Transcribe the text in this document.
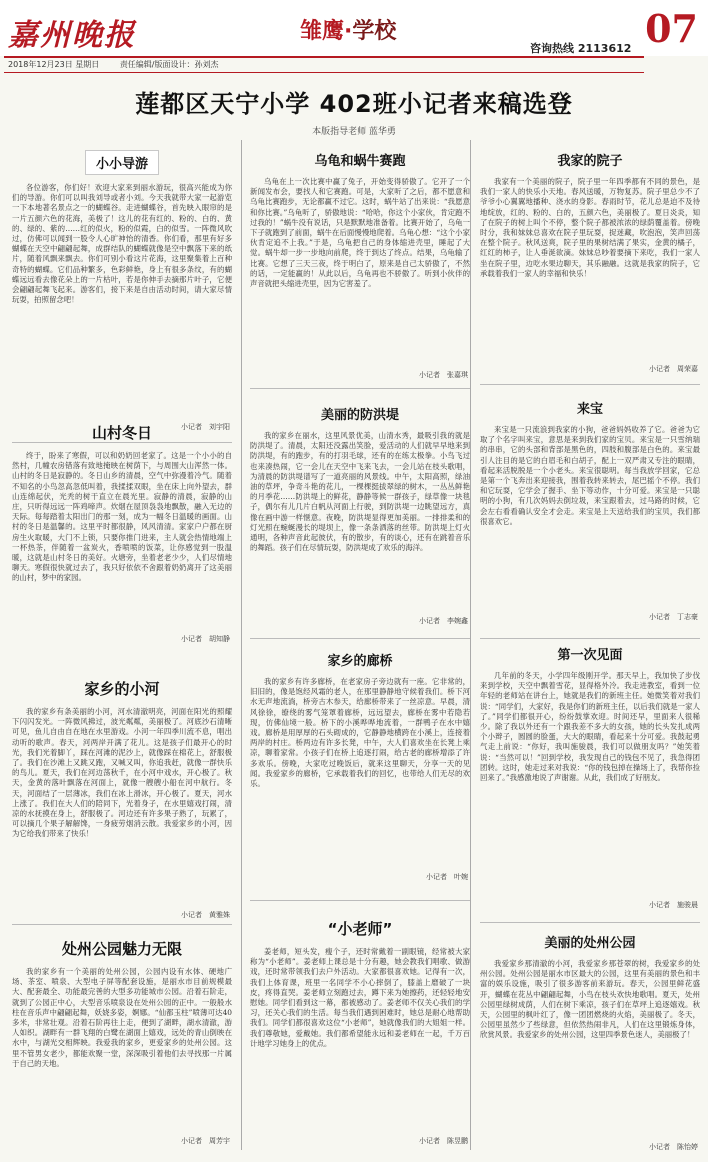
嘉州晚报	雏鹰·学校	07
咨询热线 2113612
2018年12月23日 星期日	责任编辑/版面设计：孙刘杰
莲都区天宁小学 402班小记者来稿选登
本版指导老师 蓝华勇
小小导游
各位游客，你们好！欢迎大家来到丽水游玩，很高兴能成为你们的导游。你们可以叫我刘导或者小刘。今天我就带大家一起游览一下本地著名景点之一的蝴蝶谷。走进蝴蝶谷，首先映入眼帘的是一片五颜六色的花海，美极了！这儿的花有红的、粉的、白的、黄的、绿的、紫的……红的似火，粉的似霞，白的似雪。一阵微风吹过，仿佛可以闻到一股令人心旷神怡的清香。你们看，那里有好多蝴蝶在天空中翩翩起舞，成群结队的蝴蝶就像是空中飘落下来的纸片，随着风飘来飘去。你们可别小看这片花海，这里聚集着上百种奇特的蝴蝶。它们品种繁多，色彩鲜艳，身上有很多条纹，有的蝴蝶远远看去像花朵上的一片枯叶，若是你伸手去摘那片叶子，它便会翩翩起舞飞起来。游客们，接下来是自由活动时间，请大家尽情玩耍，拍照留念吧！
小记者　刘宇阳
山村冬日
终于，盼来了寒假，可以和奶奶回老家了。这是一个小小的自然村，几幢农房错落有致地掩映在树荫下，与周围大山浑然一体。山村的冬日是寂静的。冬日山乡的清晨，空气中弥漫着冷气。随着不知名的小鸟忽高忽低叫着，我揉揉双眼，坐在床上向外望去，群山连绵起伏，光秃的树干直立在晨光里。寂静的清晨，寂静的山庄，只听得远远一阵鸡啼声。炊烟在屋顶袅袅地飘散，融入无边的天际。每每踏着太阳出门的那一刻，成为一幅冬日温暖的画面。山村的冬日是温馨的。这里平时都很静，风风清清。家家户户都在厨房生火取暖，大门不上锁，只要你推门进来，主人就会热情地端上一杯热茶，伴随着一盆炭火，香喷喷的饭菜，让你感觉到一股温暖，这就是山村冬日的美好。火塘旁，坐着老老少少，人们尽情地聊天。寒假很快就过去了，我只好依依不舍跟着奶奶离开了这美丽的山村，梦中的家园。
小记者　胡知静
家乡的小河
我的家乡有条美丽的小河，河水清澈明亮，河面在阳光的照耀下闪闪发光。一阵微风拂过，波光粼粼，美丽极了。河底沙石清晰可见，鱼儿自由自在地在水里游戏。小河一年四季川流不息，唱出动听的歌声。春天，河两岸开满了花儿。这是孩子们最开心的时光，我们光着脚丫，踩在河滩的泥沙上，就像踩在棉花上，舒服极了。我们在沙滩上又跳又跑，又喊又叫，你追我赶，就像一群快乐的鸟儿。夏天，我们在河边荡秋千，在小河中戏水，开心极了。秋天，金黄的落叶飘落在河面上，就像一艘艘小船在河中航行。冬天，河面结了一层薄冰，我们在冰上滑冰，开心极了。夏天，河水上涨了。我们在大人们的陪同下，光着身子，在水里嬉戏打闹，清凉的水抚摸在身上，舒服极了。河边还有许多果子熟了，玩累了，可以摘几个果子解解馋，一身疲劳烟消云散。我爱家乡的小河，因为它给我们带来了快乐！
小记者　黄雅姝
处州公园魅力无限
我的家乡有一个美丽的处州公园，公园内设有水体、硬地广场、茶室、喷泉、大型电子屏等配套设施，是丽水市目前规模最大、配套最全、功能最完善的大型多功能城市公园。沿着石阶走，就到了公园正中心，大型音乐喷泉设在处州公园的正中。一般般水柱在音乐声中翩翩起舞，妖娆多姿，婀娜。“仙都玉柱”喷薄可达40多米，非常壮观。沿着石阶再往上走，便到了湖畔，湖水清澈，游人如织。湖畔有一群飞翔的白鹭在湖面上嬉戏，远处的青山倒映在水中，与湖光交相辉映。我爱我的家乡，更爱家乡的处州公园。这里不管男女老少，都能欢聚一堂，深深吸引着他们去寻找那一片属于自己的天地。
小记者　周芳宇
乌龟和蜗牛赛跑
乌龟在上一次比赛中赢了兔子，开始变得骄傲了。它开了一个新闻发布会，要找人和它赛跑。可是，大家听了之后，都不愿意和乌龟比赛跑步，无论都赢不过它。这时，蜗牛站了出来说：“我愿意和你比赛。”乌龟听了，骄傲地说：“哈哈，你这个小家伙，肯定跑不过我的！”蜗牛没有说话，只是默默地准备着。比赛开始了，乌龟一下子就跑到了前面，蜗牛在后面慢慢地爬着。乌龟心想：“这个小家伙肯定追不上我。”于是，乌龟把自己的身体缩进壳里，睡起了大觉。蜗牛却一步一步地向前爬，终于到达了终点。结果，乌龟输了比赛。它想了三天三夜，终于明白了，原来是自己太骄傲了，不然的话，一定能赢的！从此以后，乌龟再也不骄傲了。听到小伙伴的声音就把头缩进壳里，因为它害羞了。
小记者　张嘉琪
美丽的防洪堤
我的家乡在丽水，这里风景优美，山清水秀，最吸引我的就是防洪堤了。清晨，太阳还没露出笑脸，爱活动的人们就早早地来到防洪堤，有的跑步，有的打羽毛球，还有的在练太极拳。小鸟飞过也来凑热闹，它一会儿在天空中飞来飞去，一会儿站在枝头歌唱，为清晨的防洪堤谱写了一道亮丽的风景线。中午，太阳高照，绿油油的草坪，争奇斗艳的花儿，一棵棵挺拔翠绿的树木，一丛丛鲜艳的月季花……防洪堤上的鲜花，静静等候一群孩子，绿草像一块毯子，偶尔有儿几片白帆从河面上行驶，到防洪堤一边眺望远方，真像在画中游一样惬意。夜晚，防洪堤显得更加美丽。一排排柔和的灯光照在蜿蜒漫长的堤坝上，像一条条洒落的丝带。防洪堤上灯火通明，各种声音此起彼伏，有的散步，有的谈心，还有在跳着音乐的舞蹈。孩子们在尽情玩耍，防洪堤成了欢乐的海洋。
小记者　李婉鑫
家乡的廊桥
我的家乡有许多廊桥，在老家房子旁边就有一座。它非常的，旧旧的，像是饱经风霜的老人，在那里静静地守候着我们。桥下河水无声地流淌，桥旁古木参天，给廊桥带来了一丝凉意。早晨，清风徐徐，缭绕的雾气笼罩着廊桥，远远望去，廊桥在雾中若隐若现，仿佛仙境一般。桥下的小溪哗哗地流着，一群鸭子在水中嬉戏。廊桥是用厚厚的石头砌成的，它静静地横跨在小溪上，连接着两岸的村庄。桥两边有许多长凳，中午，大人们喜欢坐在长凳上乘凉，聊着家常。小孩子们在桥上追逐打闹，给古老的廊桥增添了许多欢乐。傍晚，大家吃过晚饭后，就来这里聊天，分享一天的见闻。我爱家乡的廊桥，它承载着我们的回忆，也带给人们无尽的欢乐。
小记者　叶婉
“小老师”
姜老师，短头发，瘦个子，还时常戴着一副眼镜，经常被大家称为“小老师”。姜老师上课总是十分有趣，她会教我们唱歌、做游戏，还时常带领我们去户外活动。大家都很喜欢她。记得有一次，我们上体育课，班里一名同学不小心摔倒了，膝盖上磨破了一块皮，疼得直哭。姜老师立刻跑过去，蹲下来为她擦药，还轻轻地安慰她。同学们看到这一幕，都被感动了。姜老师不仅关心我们的学习，还关心我们的生活。每当我们遇到困难时，她总是耐心地帮助我们。同学们都很喜欢这位“小老师”，她就像我们的大姐姐一样。我们尊敬她，爱戴她。我们都希望能永远和姜老师在一起，千万百计地学习她身上的优点。
小记者　陈昱鹏
我家的院子
我家有一个美丽的院子，院子里一年四季都有不同的景色，是我们一家人的快乐小天地。春风送暖，万物复苏。院子里总少不了爷爷小心翼翼地播种、浇水的身影。春雨时节，花儿总是迫不及待地绽放，红的、粉的、白的，五颜六色，美丽极了。夏日炎炎，知了在院子的树上叫个不停，整个院子都被浓浓的绿荫覆盖着。傍晚时分，我和妹妹总喜欢在院子里玩耍，捉迷藏，吹泡泡，笑声回荡在整个院子。秋风送爽，院子里的果树结满了果实，金黄的橘子，红红的柿子，让人垂涎欲滴。妹妹总吵着要摘下来吃，我们一家人坐在院子里，边吃水果边聊天，其乐融融。这就是我家的院子，它承载着我们一家人的幸福和快乐！
小记者　周荣嘉
来宝
来宝是一只流浪到我家的小狗，爸爸妈妈收养了它。爸爸为它取了个名字叫来宝，意思是来到我们家的宝贝。来宝是一只雪纳瑞的串串，它的头部和背部是黑色的，四肢和腹部是白色的。来宝最引人注目的是它的白眉毛和白胡子，配上一双严肃又专注的眼睛，看起来活脱脱是一个小老头。来宝很聪明。每当我放学回家，它总是第一个飞奔出来迎接我，围着我转来转去，尾巴摇个不停。我们和它玩耍，它学会了握手、坐下等动作，十分可爱。来宝是一只聪明的小狗，有几次妈妈去倒垃圾，来宝跟着去，过马路的时候，它会左右看看确认安全才会走。来宝是上天送给我们的宝贝，我们都很喜欢它。
小记者　丁志豪
第一次见面
几年前的冬天，小学四年级刚开学。那天早上，我加快了步伐来到学校，天空中飘着雪花，显得格外冷。我走进教室，看到一位年轻的老师站在讲台上，她就是我们的新班主任。她微笑着对我们说：“同学们，大家好，我是你们的新班主任，以后我们就是一家人了。”同学们都很开心，纷纷鼓掌欢迎。时间还早，里面来人很稀少。除了我以外还有一个跟我差不多大的女孩，她的长头发扎成两个小辫子，圆圆的脸蛋，大大的眼睛，看起来十分可爱。我鼓起勇气走上前说：“你好，我叫施骏晨，我们可以做朋友吗？”她笑着说：“当然可以！”回到学校，我发现自己的钱包不见了，我急得团团转。这时，她走过来对我说：“你的钱包掉在操场上了，我帮你捡回来了。”我感激地说了声谢谢。从此，我们成了好朋友。
小记者　施骏晨
美丽的处州公园
我爱家乡那清澈的小河，我爱家乡那苍翠的树，我爱家乡的处州公园。处州公园是丽水市区最大的公园，这里有美丽的景色和丰富的娱乐设施，吸引了很多游客前来游玩。春天，公园里鲜花盛开，蝴蝶在花丛中翩翩起舞，小鸟在枝头欢快地歌唱。夏天，处州公园里绿树成荫，人们在树下乘凉，孩子们在草坪上追逐嬉戏。秋天，公园里的枫叶红了，像一团团燃烧的火焰，美丽极了。冬天，公园里虽然少了些绿意，但依然热闹非凡，人们在这里锻炼身体，欣赏风景。我爱家乡的处州公园，这里四季景色迷人，美丽极了！
小记者　陈怡婷
